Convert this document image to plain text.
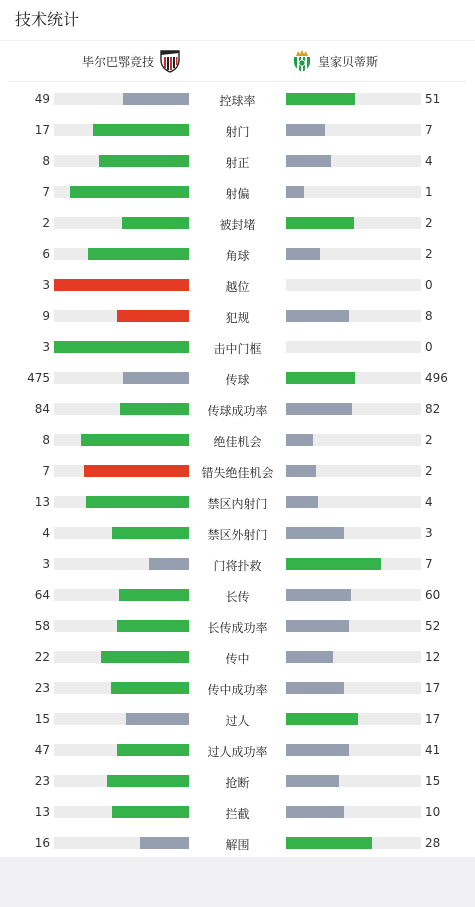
技术统计
毕尔巴鄂竞技	皇家贝蒂斯
49	控球率	51
17	射门	7
8	射正	4
7	射偏	1
2	被封堵	2
6	角球	2
3	越位	0
9	犯规	8
3	击中门框	0
475	传球	496
84	传球成功率	82
8	绝佳机会	2
7	错失绝佳机会	2
13	禁区内射门	4
4	禁区外射门	3
3	门将扑救	7
64	长传	60
58	长传成功率	52
22	传中	12
23	传中成功率	17
15	过人	17
47	过人成功率	41
23	抢断	15
13	拦截	10
16	解围	28
